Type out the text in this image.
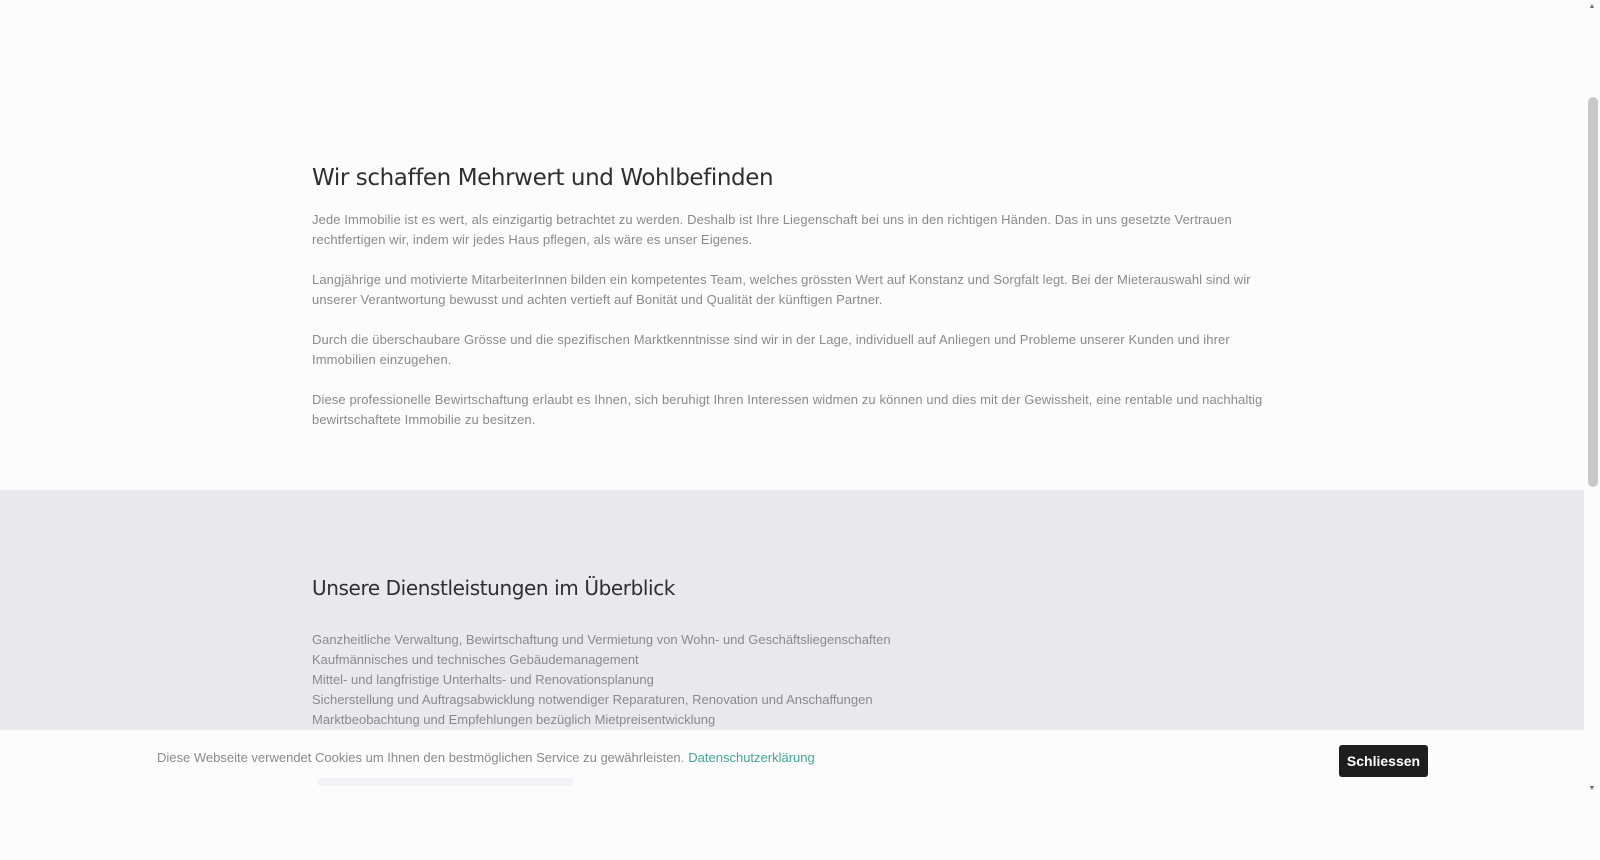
Wir schaffen Mehrwert und Wohlbefinden

Jede Immobilie ist es wert, als einzigartig betrachtet zu werden. Deshalb ist Ihre Liegenschaft bei uns in den richtigen Händen. Das in uns gesetzte Vertrauen rechtfertigen wir, indem wir jedes Haus pflegen, als wäre es unser Eigenes.

Langjährige und motivierte MitarbeiterInnen bilden ein kompetentes Team, welches grössten Wert auf Konstanz und Sorgfalt legt. Bei der Mieterauswahl sind wir unserer Verantwortung bewusst und achten vertieft auf Bonität und Qualität der künftigen Partner.

Durch die überschaubare Grösse und die spezifischen Marktkenntnisse sind wir in der Lage, individuell auf Anliegen und Probleme unserer Kunden und ihrer Immobilien einzugehen.

Diese professionelle Bewirtschaftung erlaubt es Ihnen, sich beruhigt Ihren Interessen widmen zu können und dies mit der Gewissheit, eine rentable und nachhaltig bewirtschaftete Immobilie zu besitzen.

Unsere Dienstleistungen im Überblick
Ganzheitliche Verwaltung, Bewirtschaftung und Vermietung von Wohn- und Geschäftsliegenschaften
Kaufmännisches und technisches Gebäudemanagement
Mittel- und langfristige Unterhalts- und Renovationsplanung
Sicherstellung und Auftragsabwicklung notwendiger Reparaturen, Renovation und Anschaffungen
Marktbeobachtung und Empfehlungen bezüglich Mietpreisentwicklung
Diese Webseite verwendet Cookies um Ihnen den bestmöglichen Service zu gewährleisten. Datenschutzerklärung	Schliessen
▲
▼
